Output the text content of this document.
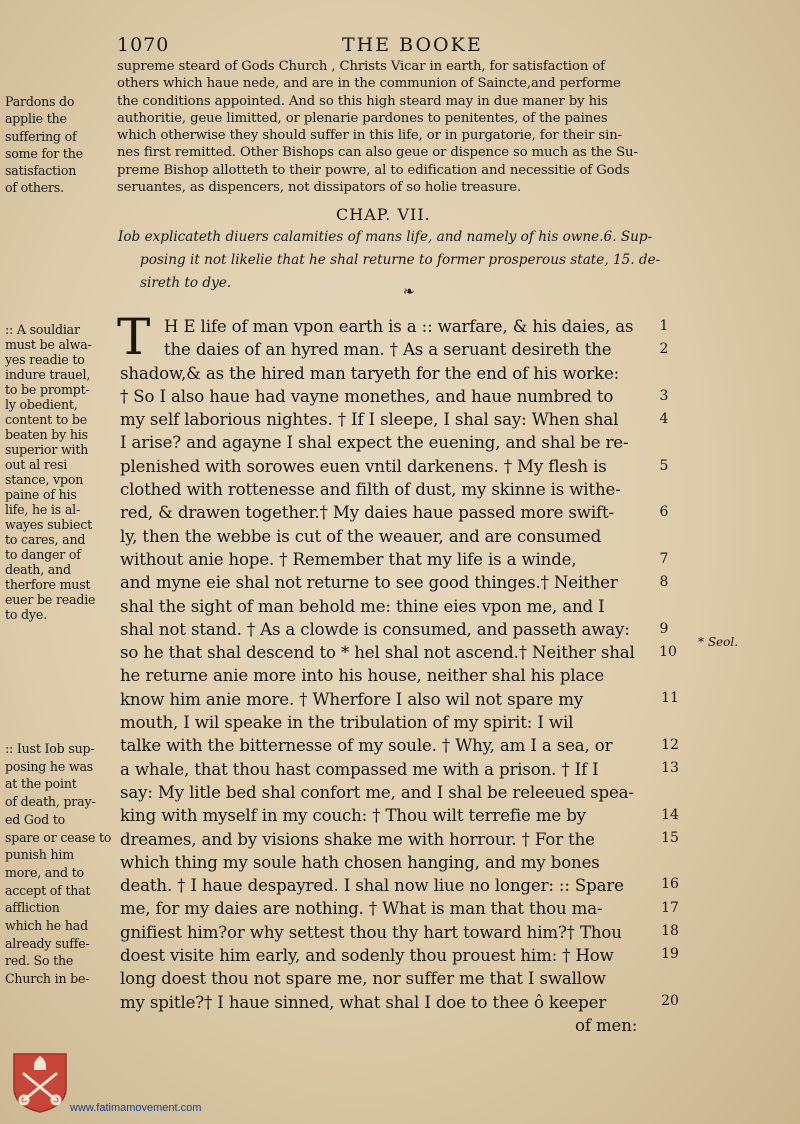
1070	THE BOOKE
supreme steard of Gods Church , Christs Vicar in earth, for satisfaction of
others which haue nede, and are in the communion of Saincte,and performe
the conditions appointed. And so this high steard may in due maner by his
authoritie, geue limitted, or plenarie pardones to penitentes, of the paines
which otherwise they should suffer in this life, or in purgatorie, for their sin-
nes first remitted. Other Bishops can also geue or dispence so much as the Su-
preme Bishop allotteth to their powre, al to edification and necessitie of Gods
seruantes, as dispencers, not dissipators of so holie treasure.
Pardons do
applie the
suffering of
some for the
satisfaction
of others.
CHAP. VII.
Iob explicateth diuers calamities of mans life, and namely of his owne.6. Sup-
posing it not likelie that he shal returne to former prosperous state, 15. de-
sireth to dye.
❧
T H E life of man vpon earth is a :: warfare, & his daies, as
the daies of an hyred man. † As a seruant desireth the
shadow,& as the hired man taryeth for the end of his worke:
† So I also haue had vayne monethes, and haue numbred to
my self laborious nightes. † If I sleepe, I shal say: When shal
I arise? and agayne I shal expect the euening, and shal be re-
plenished with sorowes euen vntil darkenens. † My flesh is
clothed with rottenesse and filth of dust, my skinne is withe-
red, & drawen together.† My daies haue passed more swift-
ly, then the webbe is cut of the weauer, and are consumed
without anie hope. † Remember that my life is a winde,
and myne eie shal not returne to see good thinges.† Neither
shal the sight of man behold me: thine eies vpon me, and I
shal not stand. † As a clowde is consumed, and passeth away:
so he that shal descend to * hel shal not ascend.† Neither shal
he returne anie more into his house, neither shal his place
know him anie more. † Wherfore I also wil not spare my
mouth, I wil speake in the tribulation of my spirit: I wil
talke with the bitternesse of my soule. † Why, am I a sea, or
a whale, that thou hast compassed me with a prison. † If I
say: My litle bed shal confort me, and I shal be releeued spea-
king with myself in my couch: † Thou wilt terrefie me by
dreames, and by visions shake me with horrour. † For the
which thing my soule hath chosen hanging, and my bones
death. † I haue despayred. I shal now liue no longer: :: Spare
me, for my daies are nothing. † What is man that thou ma-
gnifiest him?or why settest thou thy hart toward him?† Thou
doest visite him early, and sodenly thou prouest him: † How
long doest thou not spare me, nor suffer me that I swallow
my spitle?† I haue sinned, what shal I doe to thee ô keeper
of men:
1
2
3
4
5
6
7
8
9
10
11
12
13
14
15
16
17
18
19
20
* Seol.
:: A souldiar
must be alwa-
yes readie to
indure trauel,
to be prompt-
ly obedient,
content to be
beaten by his
superior with
out al resi
stance, vpon
paine of his
life, he is al-
wayes subiect
to cares, and
to danger of
death, and
therfore must
euer be readie
to dye.
:: Iust Iob sup-
posing he was
at the point
of death, pray-
ed God to
spare or cease to
punish him
more, and to
accept of that
affliction
which he had
already suffe-
red. So the
Church in be-
www.fatimamovement.com
